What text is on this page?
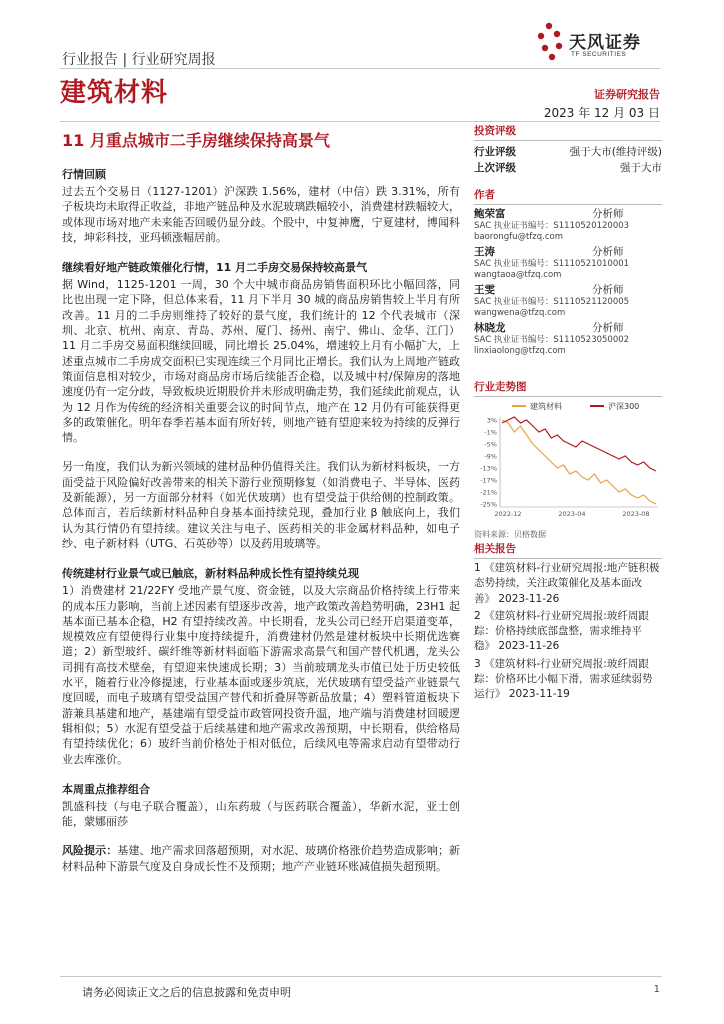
天风证券
TF SECURITIES
行业报告 | 行业研究周报
建筑材料	证券研究报告
2023 年 12 月 03 日
11 月重点城市二手房继续保持高景气
行情回顾
过去五个交易日（1127-1201）沪深跌 1.56%，建材（中信）跌 3.31%，所有子板块均未取得正收益，非地产链品种及水泥玻璃跌幅较小，消费建材跌幅较大，或体现市场对地产未来能否回暖仍显分歧。个股中，中复神鹰，宁夏建材，博闻科技，坤彩科技，亚玛顿涨幅居前。
继续看好地产链政策催化行情，11 月二手房交易保持较高景气
据 Wind，1125-1201 一周，30 个大中城市商品房销售面积环比小幅回落，同比也出现一定下降，但总体来看，11 月下半月 30 城的商品房销售较上半月有所改善。11 月的二手房则维持了较好的景气度，我们统计的 12 个代表城市（深圳、北京、杭州、南京、青岛、苏州、厦门、扬州、南宁、佛山、金华、江门）11 月二手房交易面积继续回暖，同比增长 25.04%，增速较上月有小幅扩大，上述重点城市二手房成交面积已实现连续三个月同比正增长。我们认为上周地产链政策面信息相对较少，市场对商品房市场后续能否企稳，以及城中村/保障房的落地速度仍有一定分歧，导致板块近期股价并未形成明确走势，我们延续此前观点，认为 12 月作为传统的经济相关重要会议的时间节点，地产在 12 月仍有可能获得更多的政策催化。明年春季若基本面有所好转，则地产链有望迎来较为持续的反弹行情。
另一角度，我们认为新兴领域的建材品种仍值得关注。我们认为新材料板块，一方面受益于风险偏好改善带来的相关下游行业预期修复（如消费电子、半导体、医药及新能源），另一方面部分材料（如光伏玻璃）也有望受益于供给侧的控制政策。总体而言，若后续新材料品种自身基本面持续兑现，叠加行业 β 触底向上，我们认为其行情仍有望持续。建议关注与电子、医药相关的非金属材料品种，如电子纱、电子新材料（UTG、石英砂等）以及药用玻璃等。
传统建材行业景气或已触底，新材料品种成长性有望持续兑现
1）消费建材 21/22FY 受地产景气度、资金链，以及大宗商品价格持续上行带来的成本压力影响，当前上述因素有望逐步改善，地产政策改善趋势明确，23H1 起基本面已基本企稳，H2 有望持续改善。中长期看，龙头公司已经开启渠道变革，规模效应有望使得行业集中度持续提升，消费建材仍然是建材板块中长期优选赛道；2）新型玻纤、碳纤维等新材料面临下游需求高景气和国产替代机遇，龙头公司拥有高技术壁垒，有望迎来快速成长期；3）当前玻璃龙头市值已处于历史较低水平，随着行业冷修提速，行业基本面或逐步筑底，光伏玻璃有望受益产业链景气度回暖，而电子玻璃有望受益国产替代和折叠屏等新品放量；4）塑料管道板块下游兼具基建和地产，基建端有望受益市政管网投资升温，地产端与消费建材回暖逻辑相似；5）水泥有望受益于后续基建和地产需求改善预期，中长期看，供给格局有望持续优化；6）玻纤当前价格处于相对低位，后续风电等需求启动有望带动行业去库涨价。
本周重点推荐组合
凯盛科技（与电子联合覆盖），山东药玻（与医药联合覆盖），华新水泥，亚士创能，蒙娜丽莎
风险提示：基建、地产需求回落超预期，对水泥、玻璃价格涨价趋势造成影响；新材料品种下游景气度及自身成长性不及预期；地产产业链环账减值损失超预期。
投资评级
行业评级	强于大市(维持评级)
上次评级	强于大市
作者
鲍荣富	分析师
SAC 执业证书编号：S1110520120003
baorongfu@tfzq.com
王涛	分析师
SAC 执业证书编号：S1110521010001
wangtaoa@tfzq.com
王雯	分析师
SAC 执业证书编号：S1110521120005
wangwena@tfzq.com
林晓龙	分析师
SAC 执业证书编号：S1110523050002
linxiaolong@tfzq.com
行业走势图
建筑材料	沪深300
3%
-1%
-5%
-9%
-13%
-17%
-21%
-25%
2022-12	2023-04	2023-08
资料来源：贝格数据
相关报告
1 《建筑材料-行业研究周报:地产链积极态势持续，关注政策催化及基本面改善》 2023-11-26
2 《建筑材料-行业研究周报:玻纤周跟踪：价格持续底部盘整，需求维持平稳》 2023-11-26
3 《建筑材料-行业研究周报:玻纤周跟踪：价格环比小幅下滑，需求延续弱势运行》 2023-11-19
请务必阅读正文之后的信息披露和免责申明	1
